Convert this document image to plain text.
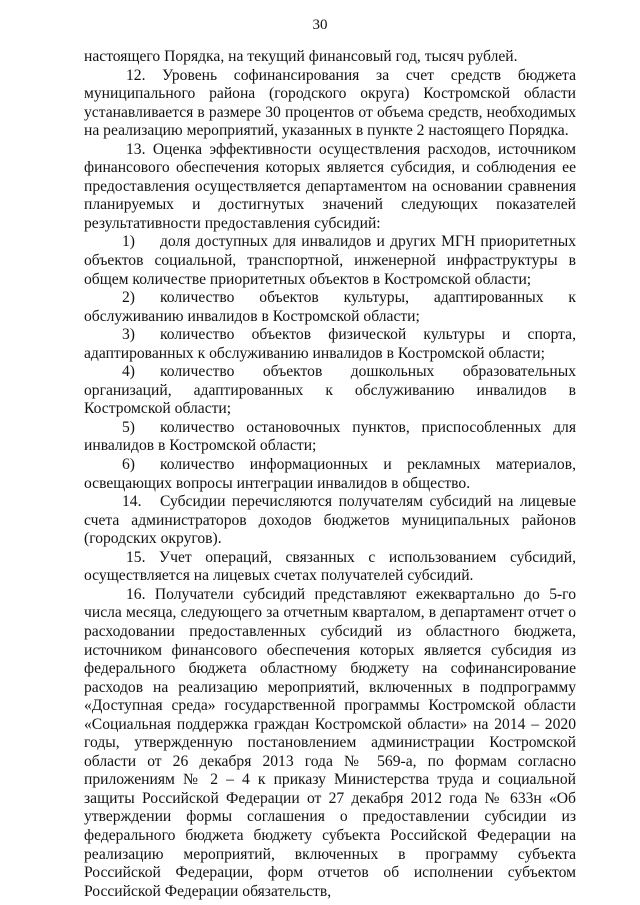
30

настоящего Порядка, на текущий финансовый год, тысяч рублей.

12. Уровень софинансирования за счет средств бюджета муниципального района (городского округа) Костромской области устанавливается в размере 30 процентов от объема средств, необходимых на реализацию мероприятий, указанных в пункте 2 настоящего Порядка.

13. Оценка эффективности осуществления расходов, источником финансового обеспечения которых является субсидия, и соблюдения ее предоставления осуществляется департаментом на основании сравнения планируемых и достигнутых значений следующих показателей результативности предоставления субсидий:

1) доля доступных для инвалидов и других МГН приоритетных объектов социальной, транспортной, инженерной инфраструктуры в общем количестве приоритетных объектов в Костромской области;

2) количество объектов культуры, адаптированных к обслуживанию инвалидов в Костромской области;

3) количество объектов физической культуры и спорта, адаптированных к обслуживанию инвалидов в Костромской области;

4) количество объектов дошкольных образовательных организаций, адаптированных к обслуживанию инвалидов в Костромской области;

5) количество остановочных пунктов, приспособленных для инвалидов в Костромской области;

6) количество информационных и рекламных материалов, освещающих вопросы интеграции инвалидов в общество.

14. Субсидии перечисляются получателям субсидий на лицевые счета администраторов доходов бюджетов муниципальных районов (городских округов).

15. Учет операций, связанных с использованием субсидий, осуществляется на лицевых счетах получателей субсидий.

16. Получатели субсидий представляют ежеквартально до 5-го числа месяца, следующего за отчетным кварталом, в департамент отчет о расходовании предоставленных субсидий из областного бюджета, источником финансового обеспечения которых является субсидия из федерального бюджета областному бюджету на софинансирование расходов на реализацию мероприятий, включенных в подпрограмму «Доступная среда» государственной программы Костромской области «Социальная поддержка граждан Костромской области» на 2014 – 2020 годы, утвержденную постановлением администрации Костромской области от 26 декабря 2013 года № 569-а, по формам согласно приложениям № 2 – 4 к приказу Министерства труда и социальной защиты Российской Федерации от 27 декабря 2012 года № 633н «Об утверждении формы соглашения о предоставлении субсидии из федерального бюджета бюджету субъекта Российской Федерации на реализацию мероприятий, включенных в программу субъекта Российской Федерации, форм отчетов об исполнении субъектом Российской Федерации обязательств,
